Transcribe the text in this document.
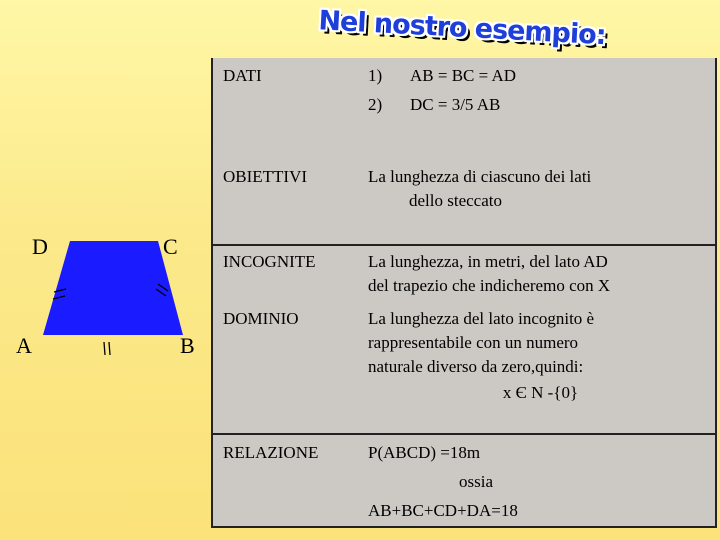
Nel nostro esempio:
D	C
A	B
DATI	1) AB = BC = AD
2) DC = 3/5 AB
OBIETTIVI	La lunghezza di ciascuno dei lati
dello steccato
INCOGNITE	La lunghezza, in metri, del lato AD
del trapezio che indicheremo con X
DOMINIO	La lunghezza del lato incognito è
rappresentabile con un numero
naturale diverso da zero,quindi:
x Є N -{0}
RELAZIONE	P(ABCD) =18m
ossia
AB+BC+CD+DA=18
